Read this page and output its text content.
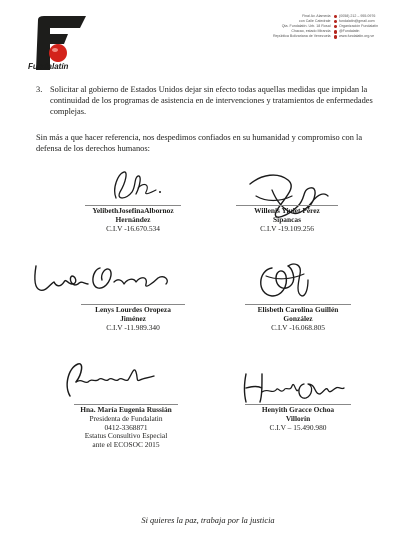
Fundalatín
Final Av. Alameda	(0058) 212 – 955.0976
con Calle Catedrale	fundalatin@gmail.com
Qta. Fundalatín. Urb. 18 Rosal	Organización Fundalatín
Chacao, estado Miranda	@Fundalatin
República Bolivariana de Venezuela	www.fundalatin.org.ve
3. Solicitar al gobierno de Estados Unidos dejar sin efecto todas aquellas medidas que impidan la continuidad de los programas de asistencia en de intervenciones y tratamientos de enfermedades complejas.
Sin más a que hacer referencia, nos despedimos confiados en su humanidad y compromiso con la defensa de los derechos humanos:
YelibethJosefinaAlbornoz
Hernández
C.I.V -16.670.534
Willenis Yiulet Pérez
Sipancas
C.I.V -19.109.256
Lenys Lourdes Oropeza
Jiménez
C.I.V -11.989.340
Elisbeth Carolina Guillén
González
C.I.V -16.068.805
Hna. María Eugenia Russián
Presidenta de Fundalatin
0412-3368871
Estatus Consultivo Especial
ante el ECOSOC 2015
Henyith Gracce Ochoa
Villorín
C.I.V – 15.490.980
Si quieres la paz, trabaja por la justicia
